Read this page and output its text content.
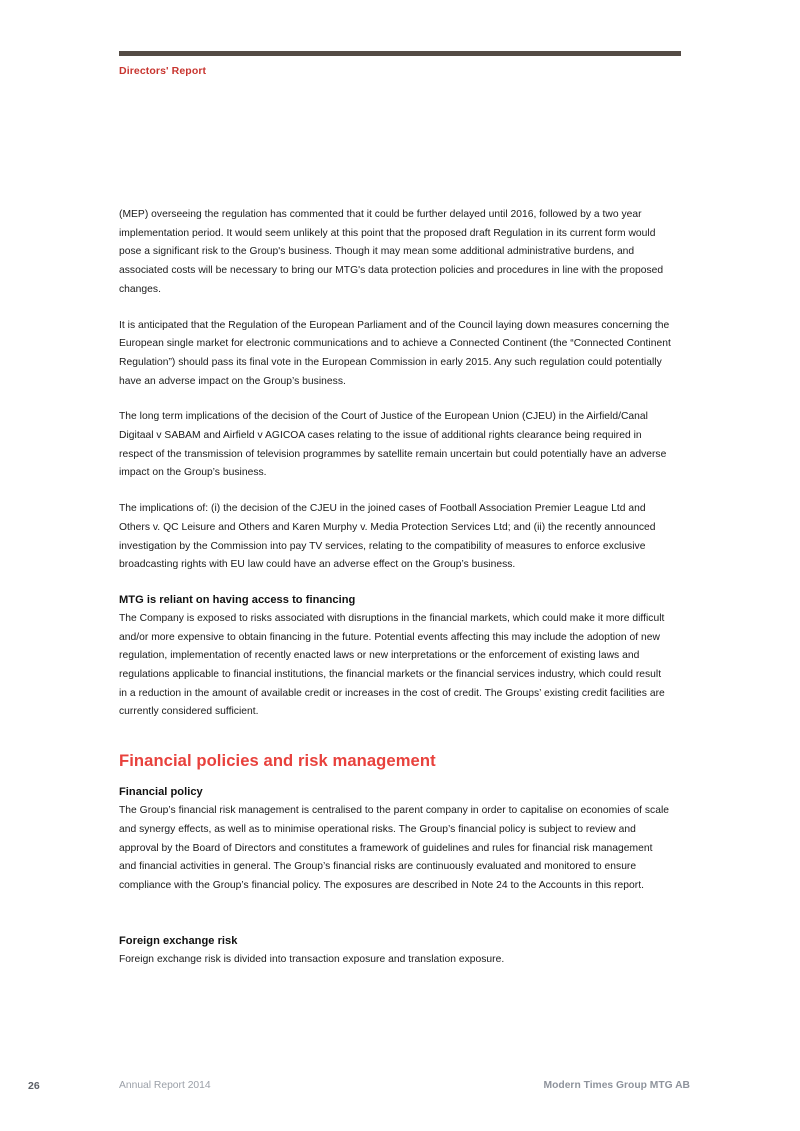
Directors' Report

(MEP) overseeing the regulation has commented that it could be further delayed until 2016, followed by a two year implementation period. It would seem unlikely at this point that the proposed draft Regulation in its current form would pose a significant risk to the Group's business. Though it may mean some additional administrative burdens, and associated costs will be necessary to bring our MTG's data protection policies and procedures in line with the proposed changes.

It is anticipated that the Regulation of the European Parliament and of the Council laying down measures concerning the European single market for electronic communications and to achieve a Connected Continent (the “Connected Continent Regulation”) should pass its final vote in the European Commission in early 2015. Any such regulation could potentially have an adverse impact on the Group’s business.

The long term implications of the decision of the Court of Justice of the European Union (CJEU) in the Airfield/Canal Digitaal v SABAM and Airfield v AGICOA cases relating to the issue of additional rights clearance being required in respect of the transmission of television programmes by satellite remain uncertain but could potentially have an adverse impact on the Group’s business.

The implications of: (i) the decision of the CJEU in the joined cases of Football Association Premier League Ltd and Others v. QC Leisure and Others and Karen Murphy v. Media Protection Services Ltd; and (ii) the recently announced investigation by the Commission into pay TV services, relating to the compatibility of measures to enforce exclusive broadcasting rights with EU law could have an adverse effect on the Group’s business.

MTG is reliant on having access to financing

The Company is exposed to risks associated with disruptions in the financial markets, which could make it more difficult and/or more expensive to obtain financing in the future. Potential events affecting this may include the adoption of new regulation, implementation of recently enacted laws or new interpretations or the enforcement of existing laws and regulations applicable to financial institutions, the financial markets or the financial services industry, which could result in a reduction in the amount of available credit or increases in the cost of credit. The Groups’ existing credit facilities are currently considered sufficient.

Financial policies and risk management
Financial policy

The Group’s financial risk management is centralised to the parent company in order to capitalise on economies of scale and synergy effects, as well as to minimise operational risks. The Group’s financial policy is subject to review and approval by the Board of Directors and constitutes a framework of guidelines and rules for financial risk management and financial activities in general. The Group’s financial risks are continuously evaluated and monitored to ensure compliance with the Group’s financial policy. The exposures are described in Note 24 to the Accounts in this report.

Foreign exchange risk

Foreign exchange risk is divided into transaction exposure and translation exposure.

26	Annual Report 2014	Modern Times Group MTG AB
